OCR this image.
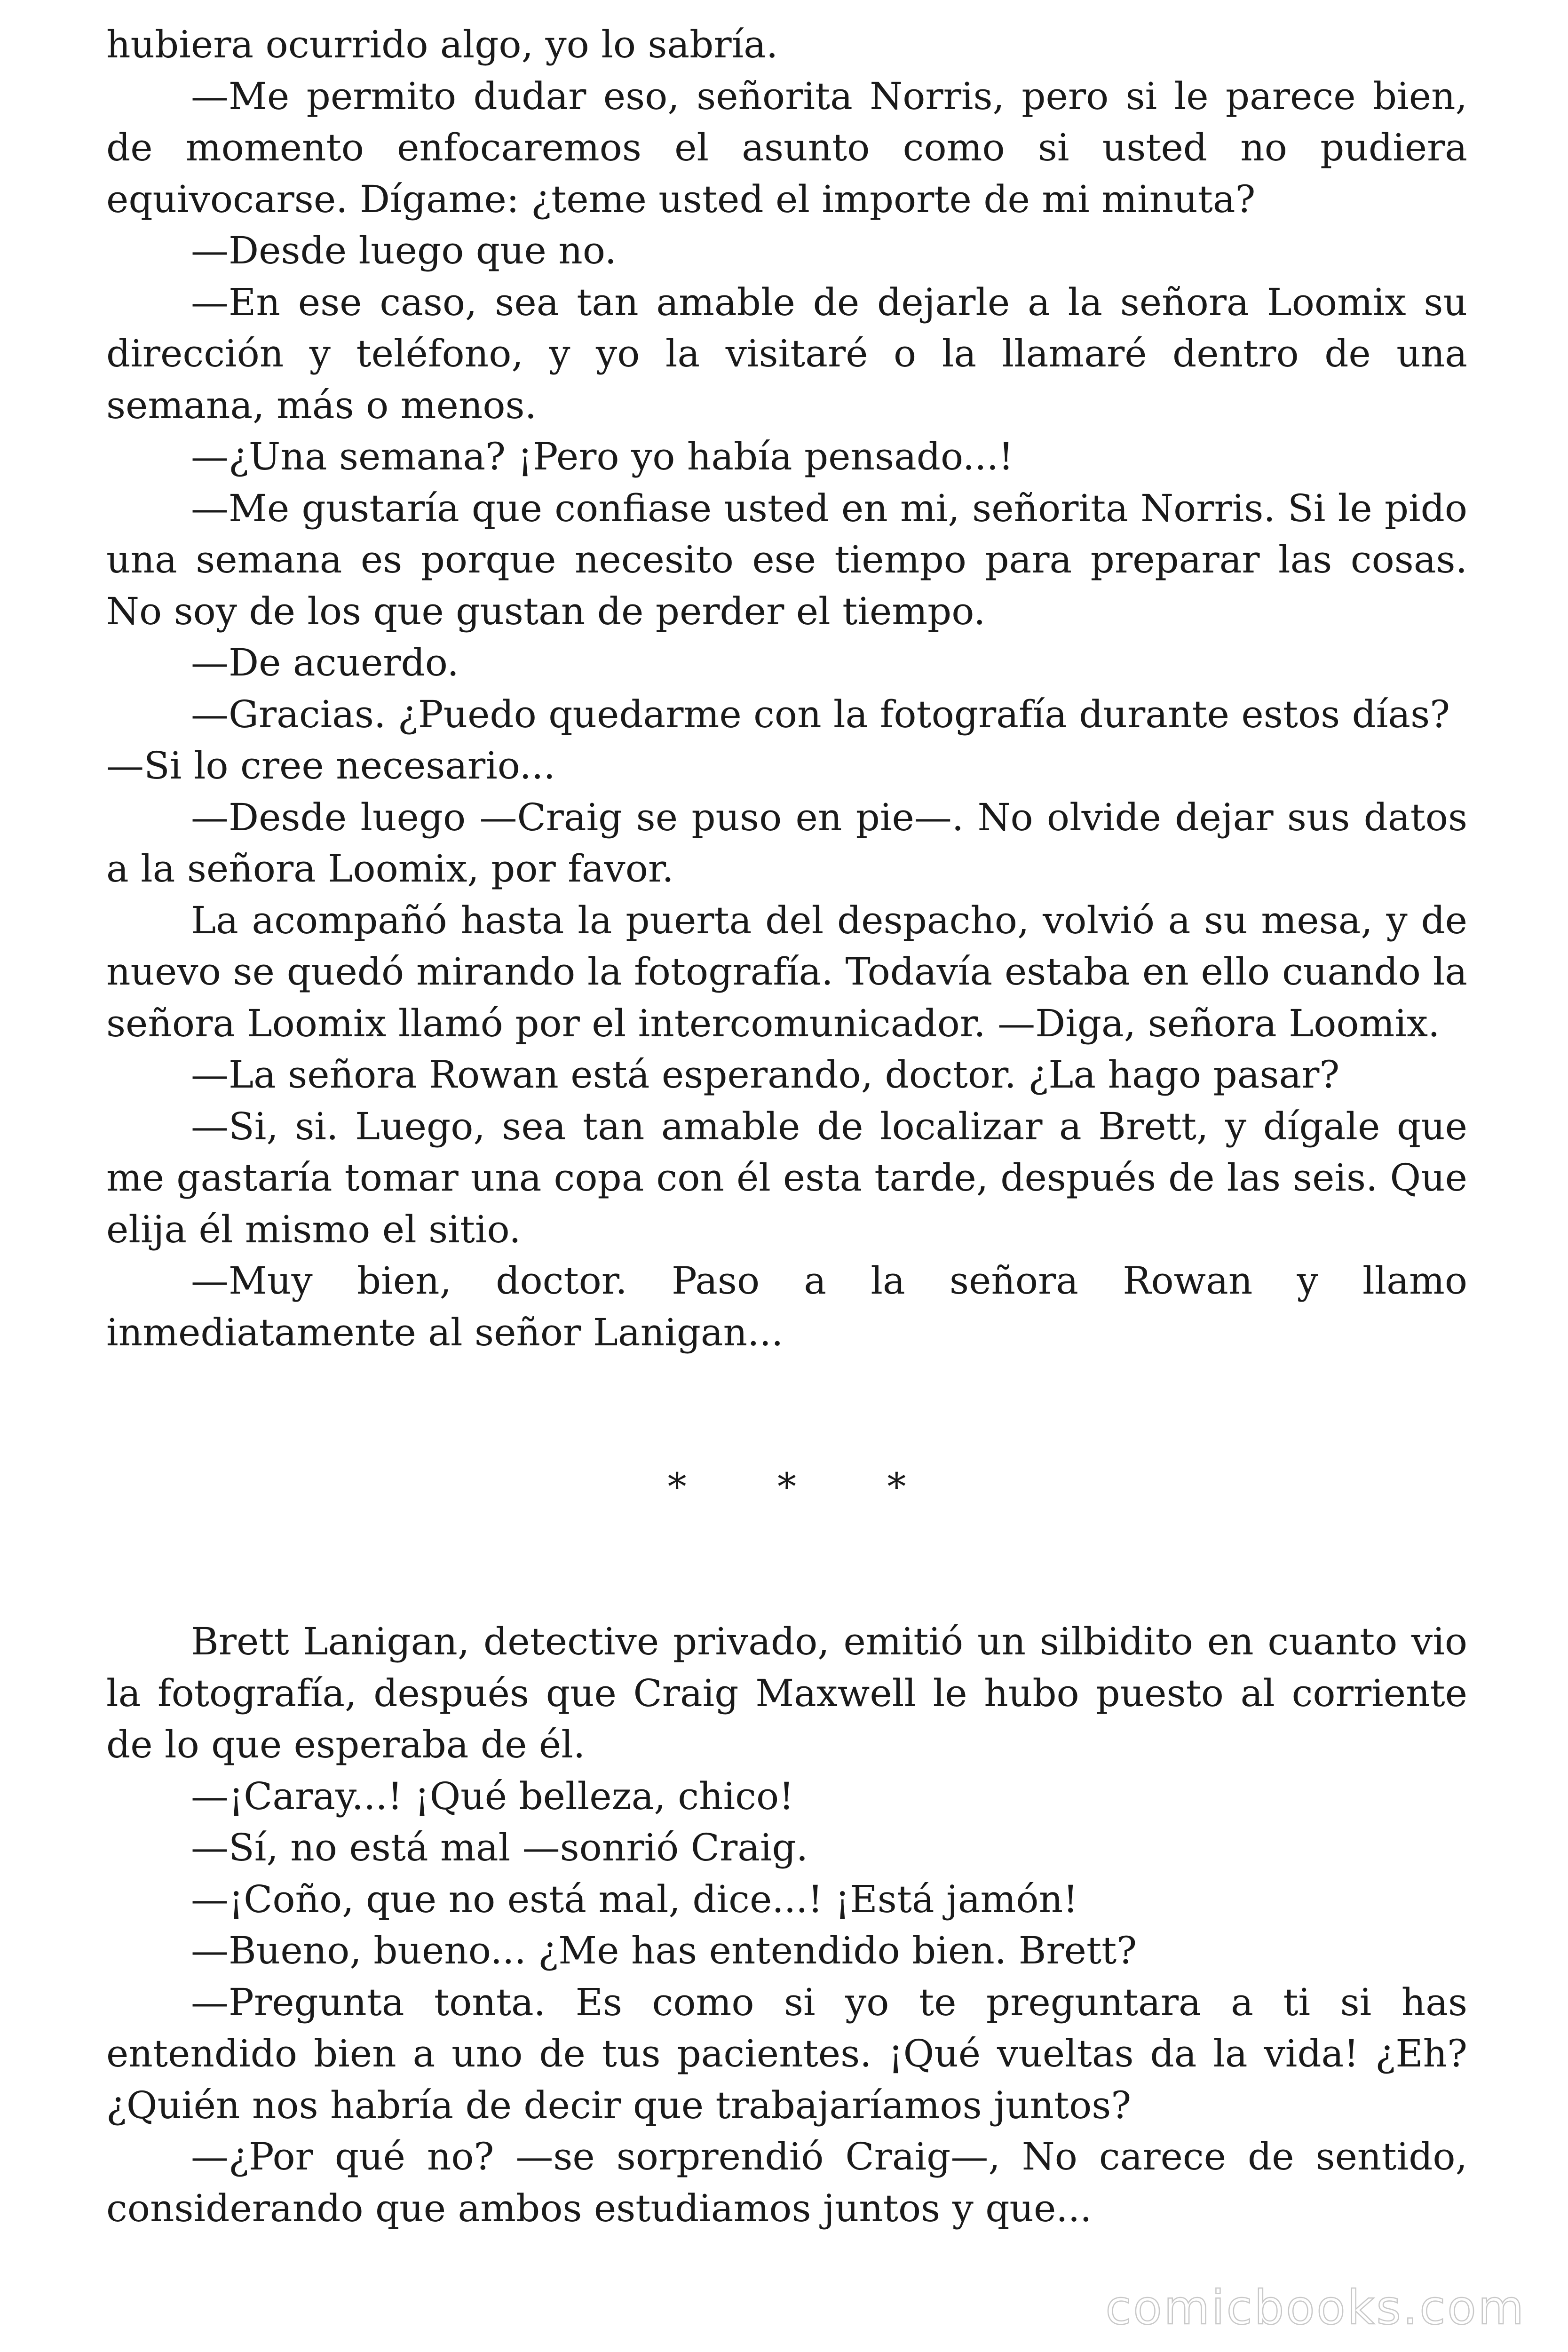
hubiera ocurrido algo, yo lo sabría.

—Me permito dudar eso, señorita Norris, pero si le parece bien, de momento enfocaremos el asunto como si usted no pudiera equivocarse. Dígame: ¿teme usted el importe de mi minuta?

—Desde luego que no.

—En ese caso, sea tan amable de dejarle a la señora Loomix su dirección y teléfono, y yo la visitaré o la llamaré dentro de una semana, más o menos.

—¿Una semana? ¡Pero yo había pensado...!

—Me gustaría que confiase usted en mi, señorita Norris. Si le pido una semana es porque necesito ese tiempo para preparar las cosas. No soy de los que gustan de perder el tiempo.

—De acuerdo.

—Gracias. ¿Puedo quedarme con la fotografía durante estos días?

—Si lo cree necesario...

—Desde luego —Craig se puso en pie—. No olvide dejar sus datos a la señora Loomix, por favor.

La acompañó hasta la puerta del despacho, volvió a su mesa, y de nuevo se quedó mirando la fotografía. Todavía estaba en ello cuando la señora Loomix llamó por el intercomunicador. —Diga, señora Loomix.

—La señora Rowan está esperando, doctor. ¿La hago pasar?

—Si, si. Luego, sea tan amable de localizar a Brett, y dígale que me gastaría tomar una copa con él esta tarde, después de las seis. Que elija él mismo el sitio.

—Muy bien, doctor. Paso a la señora Rowan y llamo inmediatamente al señor Lanigan...

* * *

Brett Lanigan, detective privado, emitió un silbidito en cuanto vio la fotografía, después que Craig Maxwell le hubo puesto al corriente de lo que esperaba de él.

—¡Caray...! ¡Qué belleza, chico!

—Sí, no está mal —sonrió Craig.

—¡Coño, que no está mal, dice...! ¡Está jamón!

—Bueno, bueno... ¿Me has entendido bien. Brett?

—Pregunta tonta. Es como si yo te preguntara a ti si has entendido bien a uno de tus pacientes. ¡Qué vueltas da la vida! ¿Eh? ¿Quién nos habría de decir que trabajaríamos juntos?

—¿Por qué no? —se sorprendió Craig—, No carece de sentido, considerando que ambos estudiamos juntos y que...

comicbooks.com
